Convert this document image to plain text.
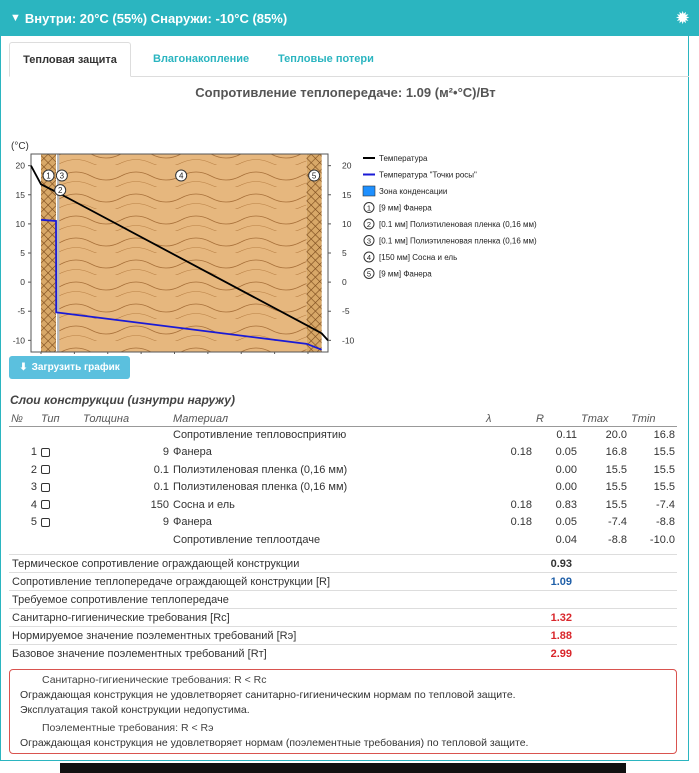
▼ Внутри: 20°C (55%) Снаружи: -10°C (85%)	✹
Тепловая защита	Влагонакопление	Тепловые потери
Сопротивление теплопередаче: 1.09 (м²•°C)/Вт
20	20
15	15
10	10
5	5
0	0
-5	-5
-10	-10
(°C)
1 3
2
4	5
Температура
Температура "Точки росы"
Зона конденсации
1 [9 мм] Фанера
2 [0.1 мм] Полиэтиленовая пленка (0,16 мм)
3 [0.1 мм] Полиэтиленовая пленка (0,16 мм)
4 [150 мм] Сосна и ель
5 [9 мм] Фанера
⬇ Загрузить график
Слои конструкции (изнутри наружу)
№	Тип	Толщина	Материал	λ	R	Tmax	Tmin
			Сопротивление тепловосприятию		0.11	20.0	16.8
1		9	Фанера	0.18	0.05	16.8	15.5
2		0.1	Полиэтиленовая пленка (0,16 мм)		0.00	15.5	15.5
3		0.1	Полиэтиленовая пленка (0,16 мм)		0.00	15.5	15.5
4		150	Сосна и ель	0.18	0.83	15.5	-7.4
5		9	Фанера	0.18	0.05	-7.4	-8.8
			Сопротивление теплоотдаче		0.04	-8.8	-10.0
Термическое сопротивление ограждающей конструкции	0.93
Сопротивление теплопередаче ограждающей конструкции [R]	1.09
Требуемое сопротивление теплопередаче	
Санитарно-гигиенические требования [Rс]	1.32
Нормируемое значение поэлементных требований [Rэ]	1.88
Базовое значение поэлементных требований [Rт]	2.99
Санитарно-гигиенические требования: R < Rс
Ограждающая конструкция не удовлетворяет санитарно-гигиеническим нормам по тепловой защите.
Эксплуатация такой конструкции недопустима.
Поэлементные требования: R < Rэ
Ограждающая конструкция не удовлетворяет нормам (поэлементные требования) по тепловой защите.
